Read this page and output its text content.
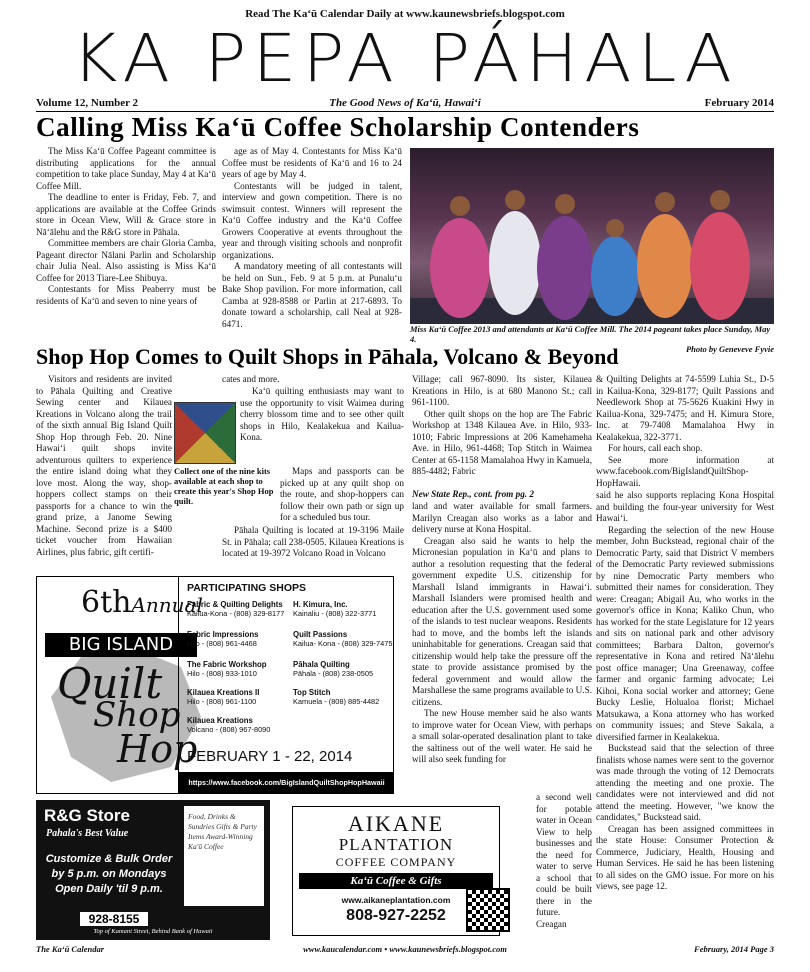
Read The Ka‘ū Calendar Daily at www.kaunewsbriefs.blogspot.com
KA PEPA PÁHALA
Volume 12, Number 2	The Good News of Ka‘ū, Hawai‘i	February 2014
Calling Miss Ka‘ū Coffee Scholarship Contenders

The Miss Ka‘ū Coffee Pageant committee is distributing applications for the annual competition to take place Sunday, May 4 at Ka‘ū Coffee Mill.

The deadline to enter is Friday, Feb. 7, and applications are available at the Coffee Grinds store in Ocean View, Will & Grace store in Nā‘ālehu and the R&G store in Pāhala.

Committee members are chair Gloria Camba, Pageant director Nālani Parlin and Scholarship chair Julia Neal. Also assisting is Miss Ka‘ū Coffee for 2013 Tiare-Lee Shibuya.

Contestants for Miss Peaberry must be residents of Ka‘ū and seven to nine years of

age as of May 4. Contestants for Miss Ka‘ū Coffee must be residents of Ka‘ū and 16 to 24 years of age by May 4.

Contestants will be judged in talent, interview and gown competition. There is no swimsuit contest. Winners will represent the Ka‘ū Coffee industry and the Ka‘ū Coffee Growers Cooperative at events throughout the year and through visiting schools and nonprofit organizations.

A mandatory meeting of all contestants will be held on Sun., Feb. 9 at 5 p.m. at Punalu‘u Bake Shop pavilion. For more information, call Camba at 928-8588 or Parlin at 217-6893. To donate toward a scholarship, call Neal at 928-6471.

Miss Ka‘ū Coffee 2013 and attendants at Ka‘ū Coffee Mill. The 2014 pageant takes place Sunday, May 4.
Photo by Geneveve Fyvie
Shop Hop Comes to Quilt Shops in Pāhala, Volcano & Beyond

Visitors and residents are invited to Pāhala Quilting and Creative Sewing center and Kilauea Kreations in Volcano along the trail of the sixth annual Big Island Quilt Shop Hop through Feb. 20. Nine Hawai‘i quilt shops invite adventurous quilters to experience the entire island doing what they love most. Along the way, shop-hoppers collect stamps on their passports for a chance to win the grand prize, a Janome Sewing Machine. Second prize is a $400 ticket voucher from Hawaiian Airlines, plus fabric, gift certifi-

cates and more.

Ka‘ū quilting enthusiasts may want to use the opportunity to visit Waimea during cherry blossom time and to see other quilt shops in Hilo, Kealakekua and Kailua-Kona.

Collect one of the nine kits available at each shop to create this year's Shop Hop quilt.

Maps and passports can be picked up at any quilt shop on the route, and shop-hoppers can follow their own path or sign up for a scheduled bus tour.

Pāhala Quilting is located at 19-3196 Maile St. in Pāhala; call 238-0505. Kilauea Kreations is located at 19-3972 Volcano Road in Volcano

Village; call 967-8090. Its sister, Kilauea Kreations in Hilo, is at 680 Manono St.; call 961-1100.

Other quilt shops on the hop are The Fabric Workshop at 1348 Kilauea Ave. in Hilo, 933-1010; Fabric Impressions at 206 Kamehameha Ave. in Hilo, 961-4468; Top Stitch in Waimea Center at 65-1158 Mamalahoa Hwy in Kamuela, 885-4482; Fabric

New State Rep., cont. from pg. 2

land and water available for small farmers. Marilyn Creagan also works as a labor and delivery nurse at Kona Hospital.

Creagan also said he wants to help the Micronesian population in Ka‘ū and plans to author a resolution requesting that the federal government expedite U.S. citizenship for Marshall Island immigrants in Hawai‘i. Marshall Islanders were promised health and education after the U.S. government used some of the islands to test nuclear weapons. Residents had to move, and the bombs left the islands uninhabitable for generations. Creagan said that citizenship would help take the pressure off the state to provide assistance promised by the federal government and would allow the Marshallese the same programs available to U.S. citizens.

The new House member said he also wants to improve water for Ocean View, with perhaps a small solar-operated desalination plant to take the saltiness out of the well water. He said he will also seek funding for

a second well for potable water in Ocean View to help businesses and the need for water to serve a school that could be built there in the future. Creagan

& Quilting Delights at 74-5599 Luhia St., D-5 in Kailua-Kona, 329-8177; Quilt Passions and Needlework Shop at 75-5626 Kuakini Hwy in Kailua-Kona, 329-7475; and H. Kimura Store, Inc. at 79-7408 Mamalahoa Hwy in Kealakekua, 322-3771.

For hours, call each shop.

See more information at www.facebook.com/BigIslandQuiltShop-HopHawaii.

said he also supports replacing Kona Hospital and building the four-year university for West Hawai‘i.

Regarding the selection of the new House member, John Buckstead, regional chair of the Democratic Party, said that District V members of the Democratic Party reviewed submissions by nine Democratic Party members who submitted their names for consideration. They were: Creagan; Abigail Au, who works in the governor's office in Kona; Kaliko Chun, who has worked for the state Legislature for 12 years and sits on national park and other advisory committees; Barbara Dalton, governor's representative in Kona and retired Nā‘ālehu post office manager; Una Greenaway, coffee farmer and organic farming advocate; Lei Kihoi, Kona social worker and attorney; Gene Bucky Leslie, Holualoa florist; Michael Matsukawa, a Kona attorney who has worked on community issues; and Steve Sakala, a diversified farmer in Kealakekua.

Buckstead said that the selection of three finalists whose names were sent to the governor was made through the voting of 12 Democrats attending the meeting and one proxie. The candidates were not interviewed and did not attend the meeting. However, "we know the candidates," Buckstead said.

Creagan has been assigned committees in the state House: Consumer Protection & Commerce, Judiciary, Health, Housing and Human Services. He said he has been listening to all sides on the GMO issue. For more on his views, see page 12.

6thAnnual
BIG ISLAND
Quilt
Shop
Hop
PARTICIPATING SHOPS
Fabric & Quilting Delights
Kailua-Kona - (808) 329-8177
H. Kimura, Inc.
Kainaliu - (808) 322-3771
Fabric Impressions
Hilo - (808) 961-4468
Quilt Passions
Kailua- Kona - (808) 329-7475
The Fabric Workshop
Hilo - (808) 933-1010
Pāhala Quilting
Pāhala - (808) 238-0505
Kilauea Kreations II
Hilo - (808) 961-1100
Top Stitch
Kamuela - (808) 885-4482
Kilauea Kreations
Volcano - (808) 967-8090
FEBRUARY 1 - 22, 2014
https://www.facebook.com/BigIslandQuiltShopHopHawaii
R&G Store
Pahala's Best Value
Customize & Bulk Order
by 5 p.m. on Mondays
Open Daily 'til 9 p.m.
Food, Drinks & Sundries Gifts & Party Items Award-Winning Ka'ū Coffee
928-8155
Top of Kamani Street, Behind Bank of Hawaii
AIKANE
PLANTATION
COFFEE COMPANY
Ka‘ū Coffee & Gifts
www.aikaneplantation.com
808-927-2252
The Ka‘ū Calendar	www.kaucalendar.com • www.kaunewsbriefs.blogspot.com	February, 2014 Page 3
